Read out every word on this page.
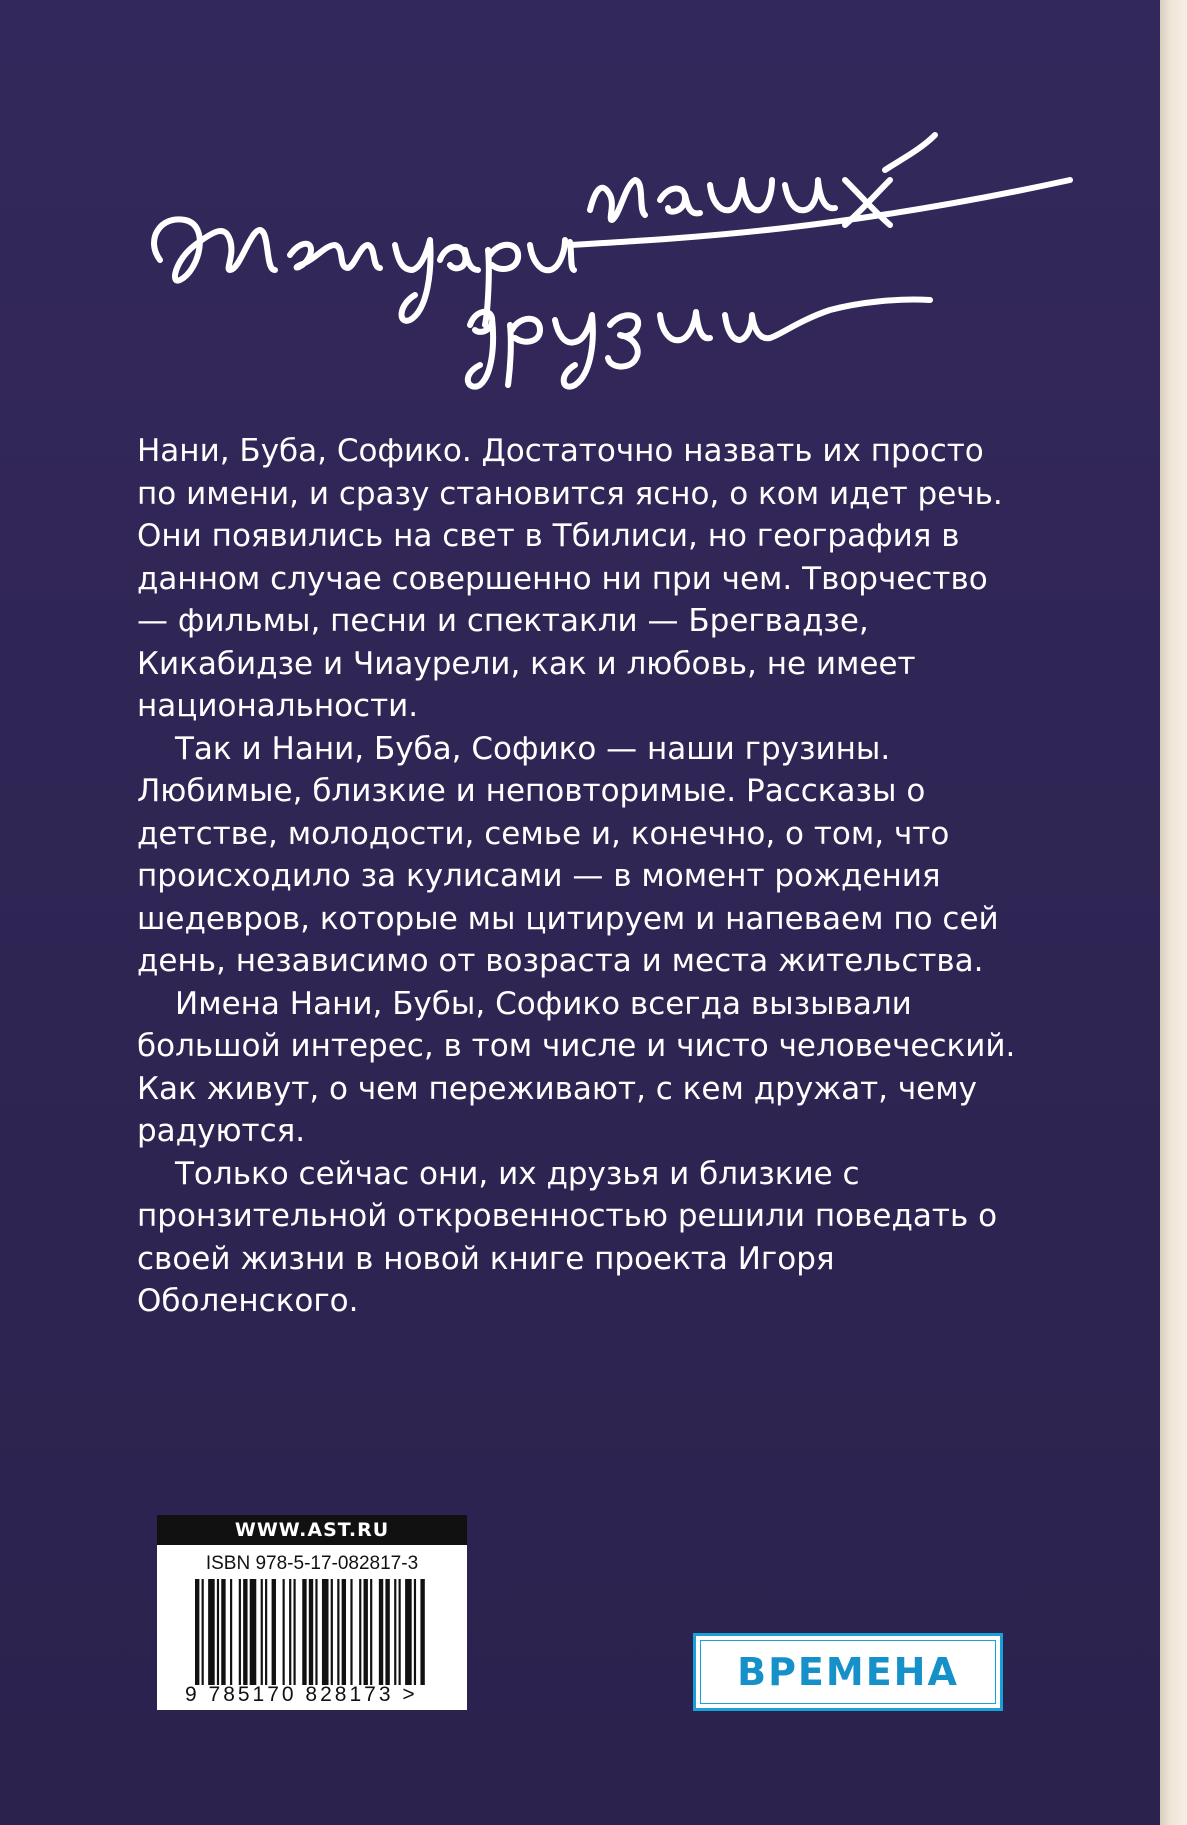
Нани, Буба, Софико. Достаточно назвать их просто по имени, и сразу становится ясно, о ком идет речь. Они появились на свет в Тбилиси, но география в данном случае совершенно ни при чем. Творчество — фильмы, песни и спектакли — Брегвадзе, Кикабидзе и Чиаурели, как и любовь, не имеет национальности.

Так и Нани, Буба, Софико — наши грузины. Любимые, близкие и неповторимые. Рассказы о детстве, молодости, семье и, конечно, о том, что происходило за кулисами — в момент рождения шедевров, которые мы цитируем и напеваем по сей день, независимо от возраста и места жительства.

Имена Нани, Бубы, Софико всегда вызывали большой интерес, в том числе и чисто человеческий. Как живут, о чем переживают, с кем дружат, чему радуются.

Только сейчас они, их друзья и близкие с пронзительной откровенностью решили поведать о своей жизни в новой книге проекта Игоря Оболенского.

WWW.AST.RU
ISBN 978-5-17-082817-3
9 785170 828173 >
ВРЕМЕНА
